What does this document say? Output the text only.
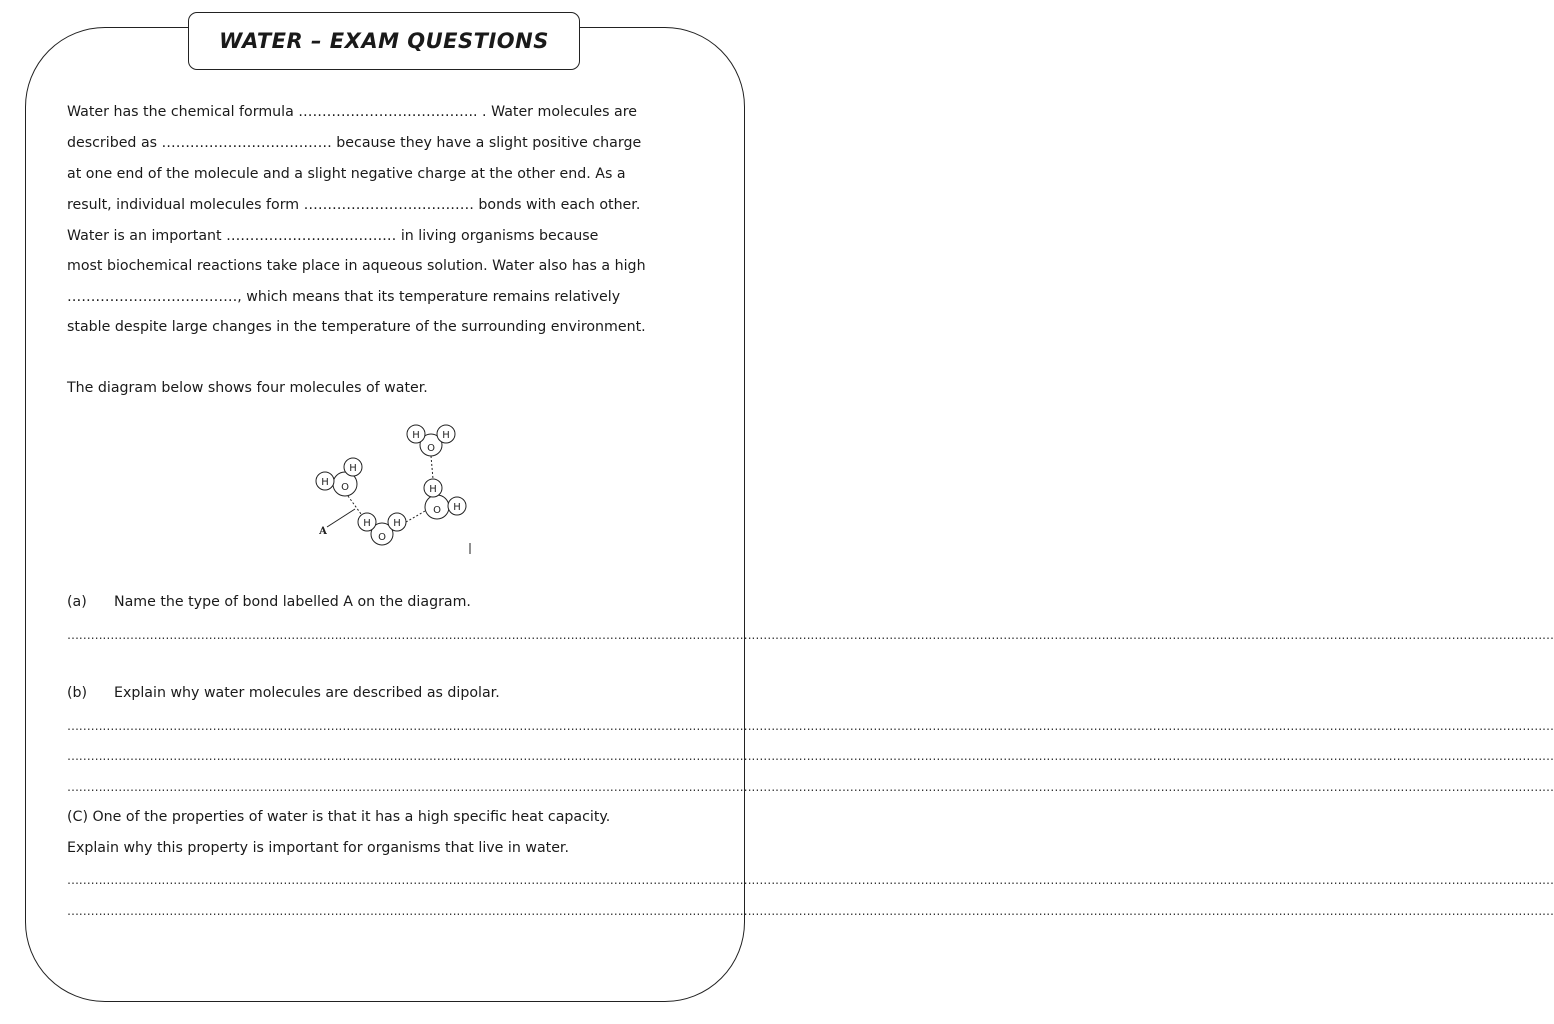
WATER – EXAM QUESTIONS
Water has the chemical formula ……………………………….. . Water molecules are
described as ……………………………… because they have a slight positive charge
at one end of the molecule and a slight negative charge at the other end. As a
result, individual molecules form ……………………………… bonds with each other.
Water is an important ……………………………… in living organisms because
most biochemical reactions take place in aqueous solution. Water also has a high
………………………………, which means that its temperature remains relatively
stable despite large changes in the temperature of the surrounding environment.
The diagram below shows four molecules of water.
H H
O
H
H
O	H
H
O
H H
O
A
(a) Name the type of bond labelled A on the diagram.
………………………………………………………………………………………………………………………………………………………………………………………………………………………………………………………………………………………………………………………………………………
(b) Explain why water molecules are described as dipolar.
………………………………………………………………………………………………………………………………………………………………………………………………………………………………………………………………………………………………………………………………………………
………………………………………………………………………………………………………………………………………………………………………………………………………………………………………………………………………………………………………………………………………………
………………………………………………………………………………………………………………………………………………………………………………………………………………………………………………………………………………………………………………………………………………
(C) One of the properties of water is that it has a high specific heat capacity.
Explain why this property is important for organisms that live in water.
………………………………………………………………………………………………………………………………………………………………………………………………………………………………………………………………………………………………………………………………………………
………………………………………………………………………………………………………………………………………………………………………………………………………………………………………………………………………………………………………………………………………………
